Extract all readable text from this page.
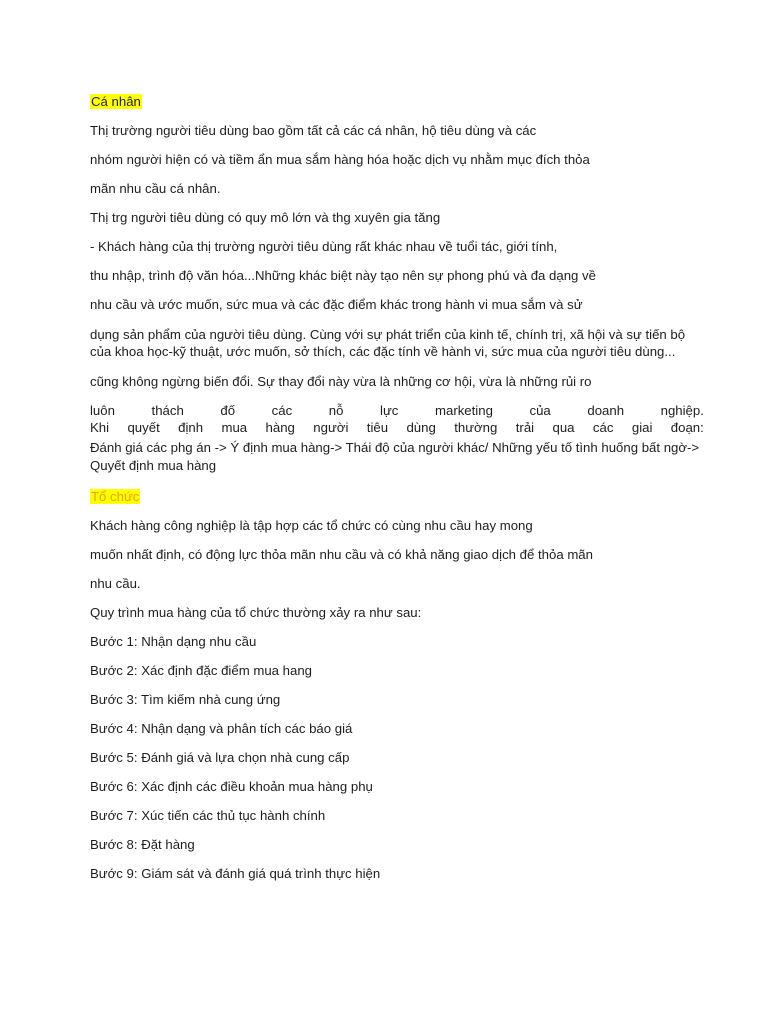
Cá nhân
Thị trường người tiêu dùng bao gồm tất cả các cá nhân, hộ tiêu dùng và các
nhóm người hiện có và tiềm ẩn mua sắm hàng hóa hoặc dịch vụ nhằm mục đích thỏa
mãn nhu cầu cá nhân.
Thị trg người tiêu dùng có quy mô lớn và thg xuyên gia tăng
- Khách hàng của thị trường người tiêu dùng rất khác nhau về tuổi tác, giới tính,
thu nhập, trình độ văn hóa...Những khác biệt này tạo nên sự phong phú và đa dạng về
nhu cầu và ước muốn, sức mua và các đặc điểm khác trong hành vi mua sắm và sử
dụng sản phẩm của người tiêu dùng. Cùng với sự phát triển của kinh tế, chính trị, xã hội và sự tiến bộ
của khoa học-kỹ thuật, ước muốn, sở thích, các đặc tính về hành vi, sức mua của người tiêu dùng...
cũng không ngừng biến đổi. Sự thay đổi này vừa là những cơ hội, vừa là những rủi ro
luôn	thách	đố	các	nỗ	lực	marketing	của	doanh	nghiệp.
Khi quyết định mua hàng người tiêu dùng thường trải qua các giai đoạn:
Đánh giá các phg án -> Ý định mua hàng-> Thái độ của người khác/ Những yếu tố tình huống bất ngờ->
Quyết định mua hàng
Tổ chức
Khách hàng công nghiệp là tập hợp các tổ chức có cùng nhu cầu hay mong
muốn nhất định, có động lực thỏa mãn nhu cầu và có khả năng giao dịch để thỏa mãn
nhu cầu.
Quy trình mua hàng của tổ chức thường xảy ra như sau:
Bước 1: Nhận dạng nhu cầu
Bước 2: Xác định đặc điểm mua hang
Bước 3: Tìm kiếm nhà cung ứng
Bước 4: Nhận dạng và phân tích các báo giá
Bước 5: Đánh giá và lựa chọn nhà cung cấp
Bước 6: Xác định các điều khoản mua hàng phụ
Bước 7: Xúc tiến các thủ tục hành chính
Bước 8: Đặt hàng
Bước 9: Giám sát và đánh giá quá trình thực hiện
